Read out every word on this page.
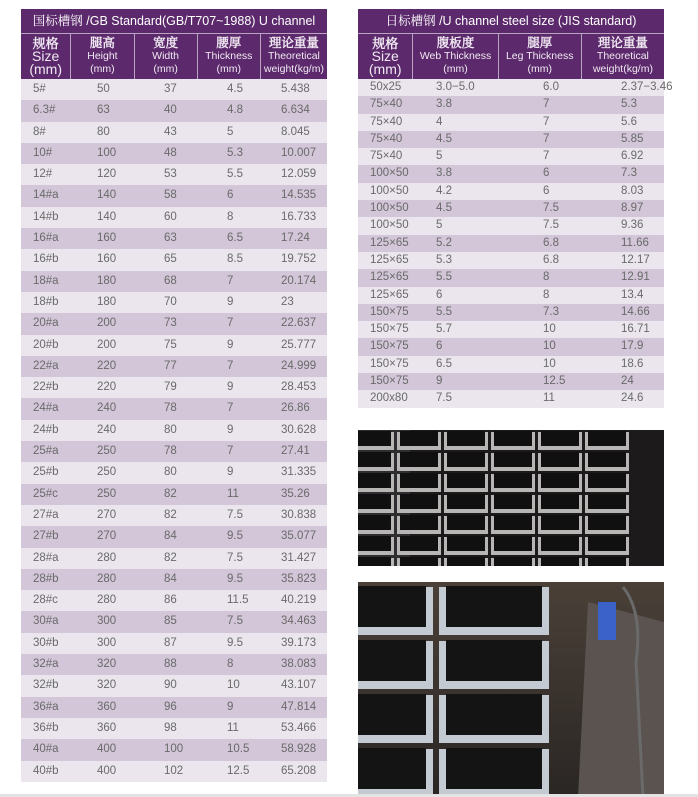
国标槽钢 /GB Standard(GB/T707~1988) U channel
规格
Size
(mm)
腿高
Height
(mm)
宽度
Width
(mm)
腰厚
Thickness
(mm)
理论重量
Theoretical
weight(kg/m)
5#	50	37	4.5	5.438
6.3#	63	40	4.8	6.634
8#	80	43	5	8.045
10#	100	48	5.3	10.007
12#	120	53	5.5	12.059
14#a	140	58	6	14.535
14#b	140	60	8	16.733
16#a	160	63	6.5	17.24
16#b	160	65	8.5	19.752
18#a	180	68	7	20.174
18#b	180	70	9	23
20#a	200	73	7	22.637
20#b	200	75	9	25.777
22#a	220	77	7	24.999
22#b	220	79	9	28.453
24#a	240	78	7	26.86
24#b	240	80	9	30.628
25#a	250	78	7	27.41
25#b	250	80	9	31.335
25#c	250	82	11	35.26
27#a	270	82	7.5	30.838
27#b	270	84	9.5	35.077
28#a	280	82	7.5	31.427
28#b	280	84	9.5	35.823
28#c	280	86	11.5	40.219
30#a	300	85	7.5	34.463
30#b	300	87	9.5	39.173
32#a	320	88	8	38.083
32#b	320	90	10	43.107
36#a	360	96	9	47.814
36#b	360	98	11	53.466
40#a	400	100	10.5	58.928
40#b	400	102	12.5	65.208
日标槽钢 /U channel steel size (JIS standard)
规格
Size
(mm)
腹板度
Web Thickness
(mm)
腿厚
Leg Thickness
(mm)
理论重量
Theoretical
weight(kg/m)
50x25	3.0−5.0	6.0	2.37−3.46
75×40	3.8	7	5.3
75×40	4	7	5.6
75×40	4.5	7	5.85
75×40	5	7	6.92
100×50	3.8	6	7.3
100×50	4.2	6	8.03
100×50	4.5	7.5	8.97
100×50	5	7.5	9.36
125×65	5.2	6.8	11.66
125×65	5.3	6.8	12.17
125×65	5.5	8	12.91
125×65	6	8	13.4
150×75	5.5	7.3	14.66
150×75	5.7	10	16.71
150×75	6	10	17.9
150×75	6.5	10	18.6
150×75	9	12.5	24
200x80	7.5	11	24.6
